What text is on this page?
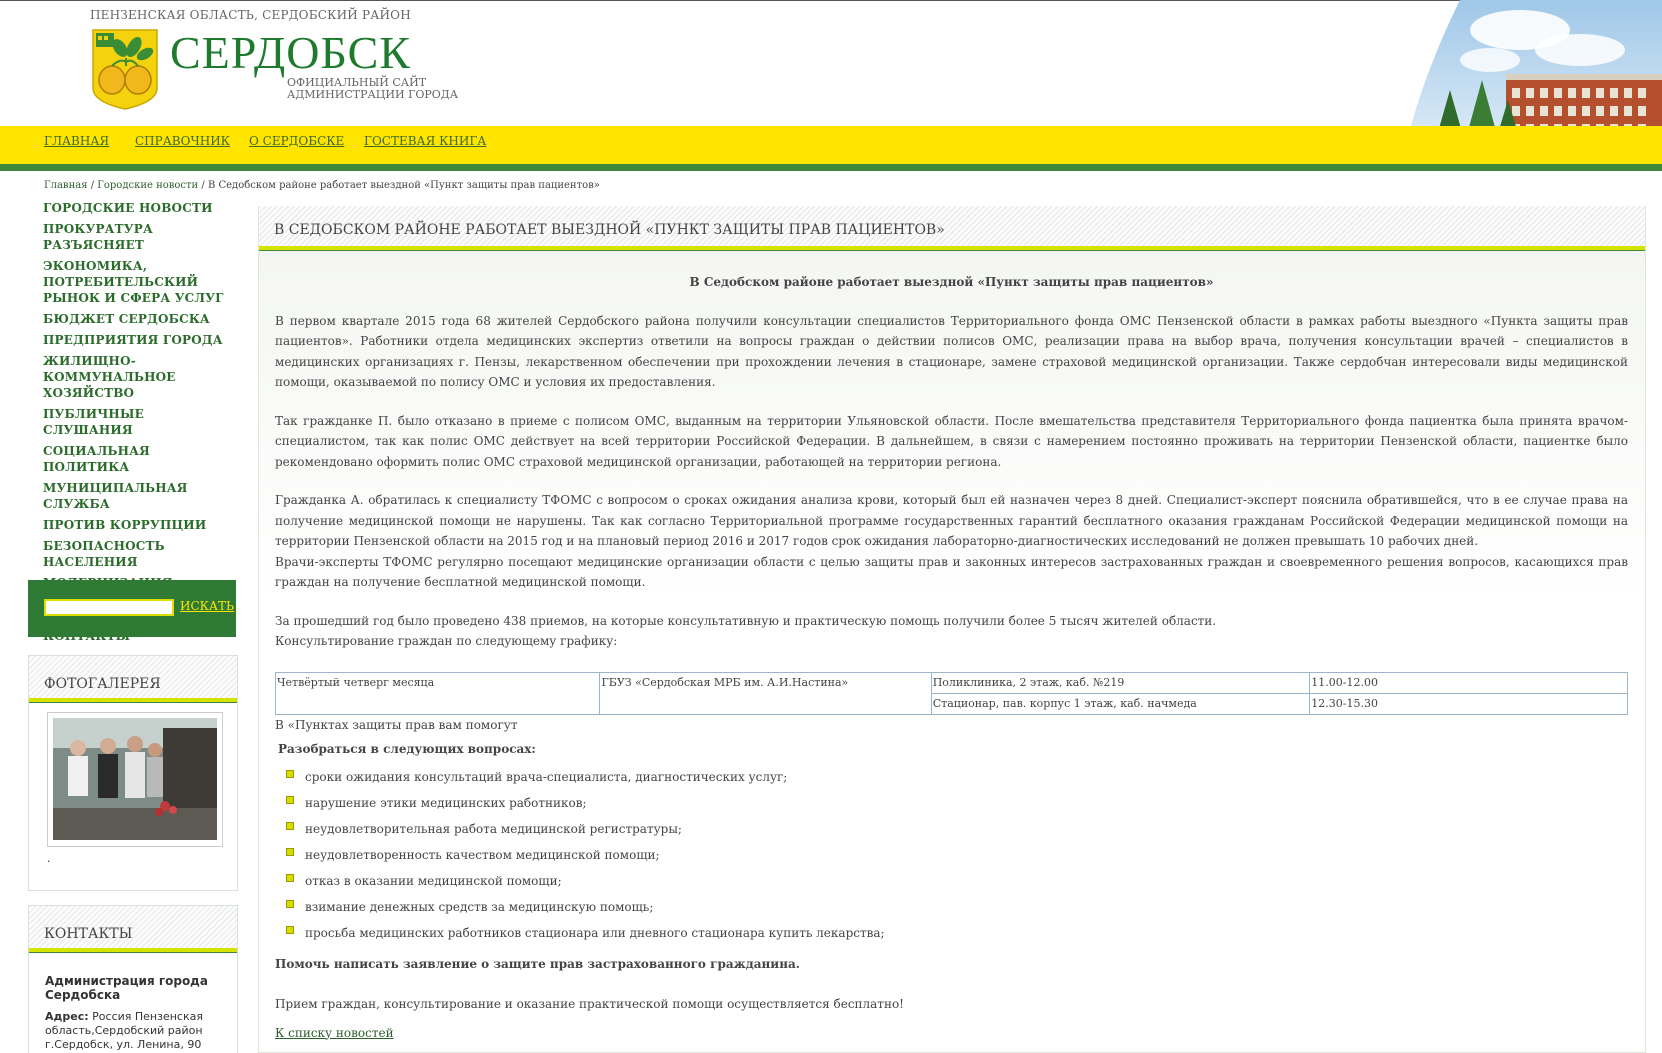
ПЕНЗЕНСКАЯ ОБЛАСТЬ, СЕРДОБСКИЙ РАЙОН
СЕРДОБСК
ОФИЦИАЛЬНЫЙ САЙТ
АДМИНИСТРАЦИИ ГОРОДА
ГЛАВНАЯ СПРАВОЧНИК О СЕРДОБСКЕ ГОСТЕВАЯ КНИГА
Главная / Городские новости / В Седобском районе работает выездной «Пункт защиты прав пациентов»
ГОРОДСКИЕ НОВОСТИ
ПРОКУРАТУРА РАЗЪЯСНЯЕТ
ЭКОНОМИКА, ПОТРЕБИТЕЛЬСКИЙ РЫНОК И СФЕРА УСЛУГ
БЮДЖЕТ СЕРДОБСКА
ПРЕДПРИЯТИЯ ГОРОДА
ЖИЛИЩНО-КОММУНАЛЬНОЕ ХОЗЯЙСТВО
ПУБЛИЧНЫЕ СЛУШАНИЯ
СОЦИАЛЬНАЯ ПОЛИТИКА
МУНИЦИПАЛЬНАЯ СЛУЖБА
ПРОТИВ КОРРУПЦИИ
БЕЗОПАСНОСТЬ НАСЕЛЕНИЯ
ИСКАТЬ
ФОТОГАЛЕРЕЯ
.
КОНТАКТЫ
Администрация города Сердобска
Адрес: Россия Пензенская область,Сердобский район г.Сердобск, ул. Ленина, 90
В СЕДОБСКОМ РАЙОНЕ РАБОТАЕТ ВЫЕЗДНОЙ «ПУНКТ ЗАЩИТЫ ПРАВ ПАЦИЕНТОВ»

В Седобском районе работает выездной «Пункт защиты прав пациентов»

В первом квартале 2015 года 68 жителей Сердобского района получили консультации специалистов Территориального фонда ОМС Пензенской области в рамках работы выездного «Пункта защиты прав пациентов». Работники отдела медицинских экспертиз ответили на вопросы граждан о действии полисов ОМС, реализации права на выбор врача, получения консультации врачей – специалистов в медицинских организациях г. Пензы, лекарственном обеспечении при прохождении лечения в стационаре, замене страховой медицинской организации. Также сердобчан интересовали виды медицинской помощи, оказываемой по полису ОМС и условия их предоставления.

Так гражданке П. было отказано в приеме с полисом ОМС, выданным на территории Ульяновской области. После вмешательства представителя Территориального фонда пациентка была принята врачом-специалистом, так как полис ОМС действует на всей территории Российской Федерации. В дальнейшем, в связи с намерением постоянно проживать на территории Пензенской области, пациентке было рекомендовано оформить полис ОМС страховой медицинской организации, работающей на территории региона.

Гражданка А. обратилась к специалисту ТФОМС с вопросом о сроках ожидания анализа крови, который был ей назначен через 8 дней. Специалист-эксперт пояснила обратившейся, что в ее случае права на получение медицинской помощи не нарушены. Так как согласно Территориальной программе государственных гарантий бесплатного оказания гражданам Российской Федерации медицинской помощи на территории Пензенской области на 2015 год и на плановый период 2016 и 2017 годов срок ожидания лабораторно-диагностических исследований не должен превышать 10 рабочих дней.

Врачи-эксперты ТФОМС регулярно посещают медицинские организации области с целью защиты прав и законных интересов застрахованных граждан и своевременного решения вопросов, касающихся прав граждан на получение бесплатной медицинской помощи.

За прошедший год было проведено 438 приемов, на которые консультативную и практическую помощь получили более 5 тысяч жителей области.

Консультирование граждан по следующему графику:

Четвёртый четверг месяца	ГБУЗ «Сердобская МРБ им. А.И.Настина»	Поликлиника, 2 этаж, каб. №219	11.00-12.00
		Стационар, пав. корпус 1 этаж, каб. начмеда	12.30-15.30

В «Пунктах защиты прав вам помогут

Разобраться в следующих вопросах:

сроки ожидания консультаций врача-специалиста, диагностических услуг;
нарушение этики медицинских работников;
неудовлетворительная работа медицинской регистратуры;
неудовлетворенность качеством медицинской помощи;
отказ в оказании медицинской помощи;
взимание денежных средств за медицинскую помощь;
просьба медицинских работников стационара или дневного стационара купить лекарства;

Помочь написать заявление о защите прав застрахованного гражданина.

Прием граждан, консультирование и оказание практической помощи осуществляется бесплатно!

К списку новостей
